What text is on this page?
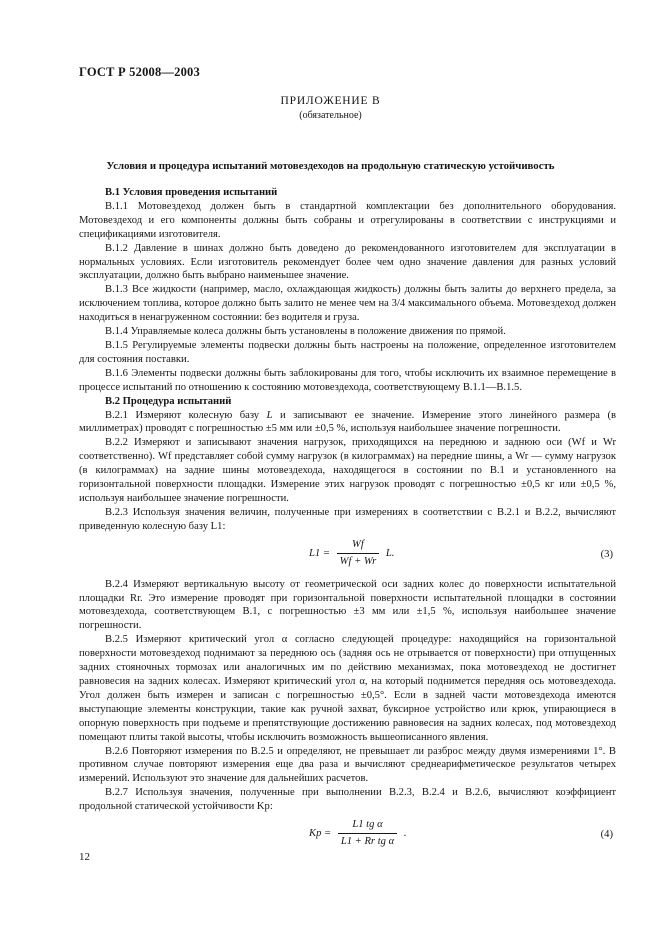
ГОСТ Р 52008—2003
ПРИЛОЖЕНИЕ В
(обязательное)
Условия и процедура испытаний мотовездеходов на продольную статическую устойчивость

В.1 Условия проведения испытаний

В.1.1 Мотовездеход должен быть в стандартной комплектации без дополнительного оборудования. Мотовездеход и его компоненты должны быть собраны и отрегулированы в соответствии с инструкциями и спецификациями изготовителя.

В.1.2 Давление в шинах должно быть доведено до рекомендованного изготовителем для эксплуатации в нормальных условиях. Если изготовитель рекомендует более чем одно значение давления для разных условий эксплуатации, должно быть выбрано наименьшее значение.

В.1.3 Все жидкости (например, масло, охлаждающая жидкость) должны быть залиты до верхнего предела, за исключением топлива, которое должно быть залито не менее чем на 3/4 максимального объема. Мотовездеход должен находиться в ненагруженном состоянии: без водителя и груза.

В.1.4 Управляемые колеса должны быть установлены в положение движения по прямой.

В.1.5 Регулируемые элементы подвески должны быть настроены на положение, определенное изготовителем для состояния поставки.

В.1.6 Элементы подвески должны быть заблокированы для того, чтобы исключить их взаимное перемещение в процессе испытаний по отношению к состоянию мотовездехода, соответствующему В.1.1—В.1.5.

В.2 Процедура испытаний

В.2.1 Измеряют колесную базу L и записывают ее значение. Измерение этого линейного размера (в миллиметрах) проводят с погрешностью ±5 мм или ±0,5 %, используя наибольшее значение погрешности.

В.2.2 Измеряют и записывают значения нагрузок, приходящихся на переднюю и заднюю оси (Wf и Wr соответственно). Wf представляет собой сумму нагрузок (в килограммах) на передние шины, а Wr — сумму нагрузок (в килограммах) на задние шины мотовездехода, находящегося в состоянии по В.1 и установленного на горизонтальной поверхности площадки. Измерение этих нагрузок проводят с погрешностью ±0,5 кг или ±0,5 %, используя наибольшее значение погрешности.

В.2.3 Используя значения величин, полученные при измерениях в соответствии с В.2.1 и В.2.2, вычисляют приведенную колесную базу L1:

$L1 = \frac{Wf}{Wf + Wr} L$.	(3)

В.2.4 Измеряют вертикальную высоту от геометрической оси задних колес до поверхности испытательной площадки Rr. Это измерение проводят при горизонтальной поверхности испытательной площадки в состоянии мотовездехода, соответствующем В.1, с погрешностью ±3 мм или ±1,5 %, используя наибольшее значение погрешности.

В.2.5 Измеряют критический угол α согласно следующей процедуре: находящийся на горизонтальной поверхности мотовездеход поднимают за переднюю ось (задняя ось не отрывается от поверхности) при отпущенных задних стояночных тормозах или аналогичных им по действию механизмах, пока мотовездеход не достигнет равновесия на задних колесах. Измеряют критический угол α, на который поднимется передняя ось мотовездехода. Угол должен быть измерен и записан с погрешностью ±0,5°. Если в задней части мотовездехода имеются выступающие элементы конструкции, такие как ручной захват, буксирное устройство или крюк, упирающиеся в опорную поверхность при подъеме и препятствующие достижению равновесия на задних колесах, под мотовездеход помещают плиты такой высоты, чтобы исключить возможность вышеописанного явления.

В.2.6 Повторяют измерения по В.2.5 и определяют, не превышает ли разброс между двумя измерениями 1°. В противном случае повторяют измерения еще два раза и вычисляют среднеарифметическое результатов четырех измерений. Используют это значение для дальнейших расчетов.

В.2.7 Используя значения, полученные при выполнении В.2.3, В.2.4 и В.2.6, вычисляют коэффициент продольной статической устойчивости Kp:

$Kp = \frac{\text{L1 tg α}}{\text{L1 + Rr tg α}}$ .	(4)
12
